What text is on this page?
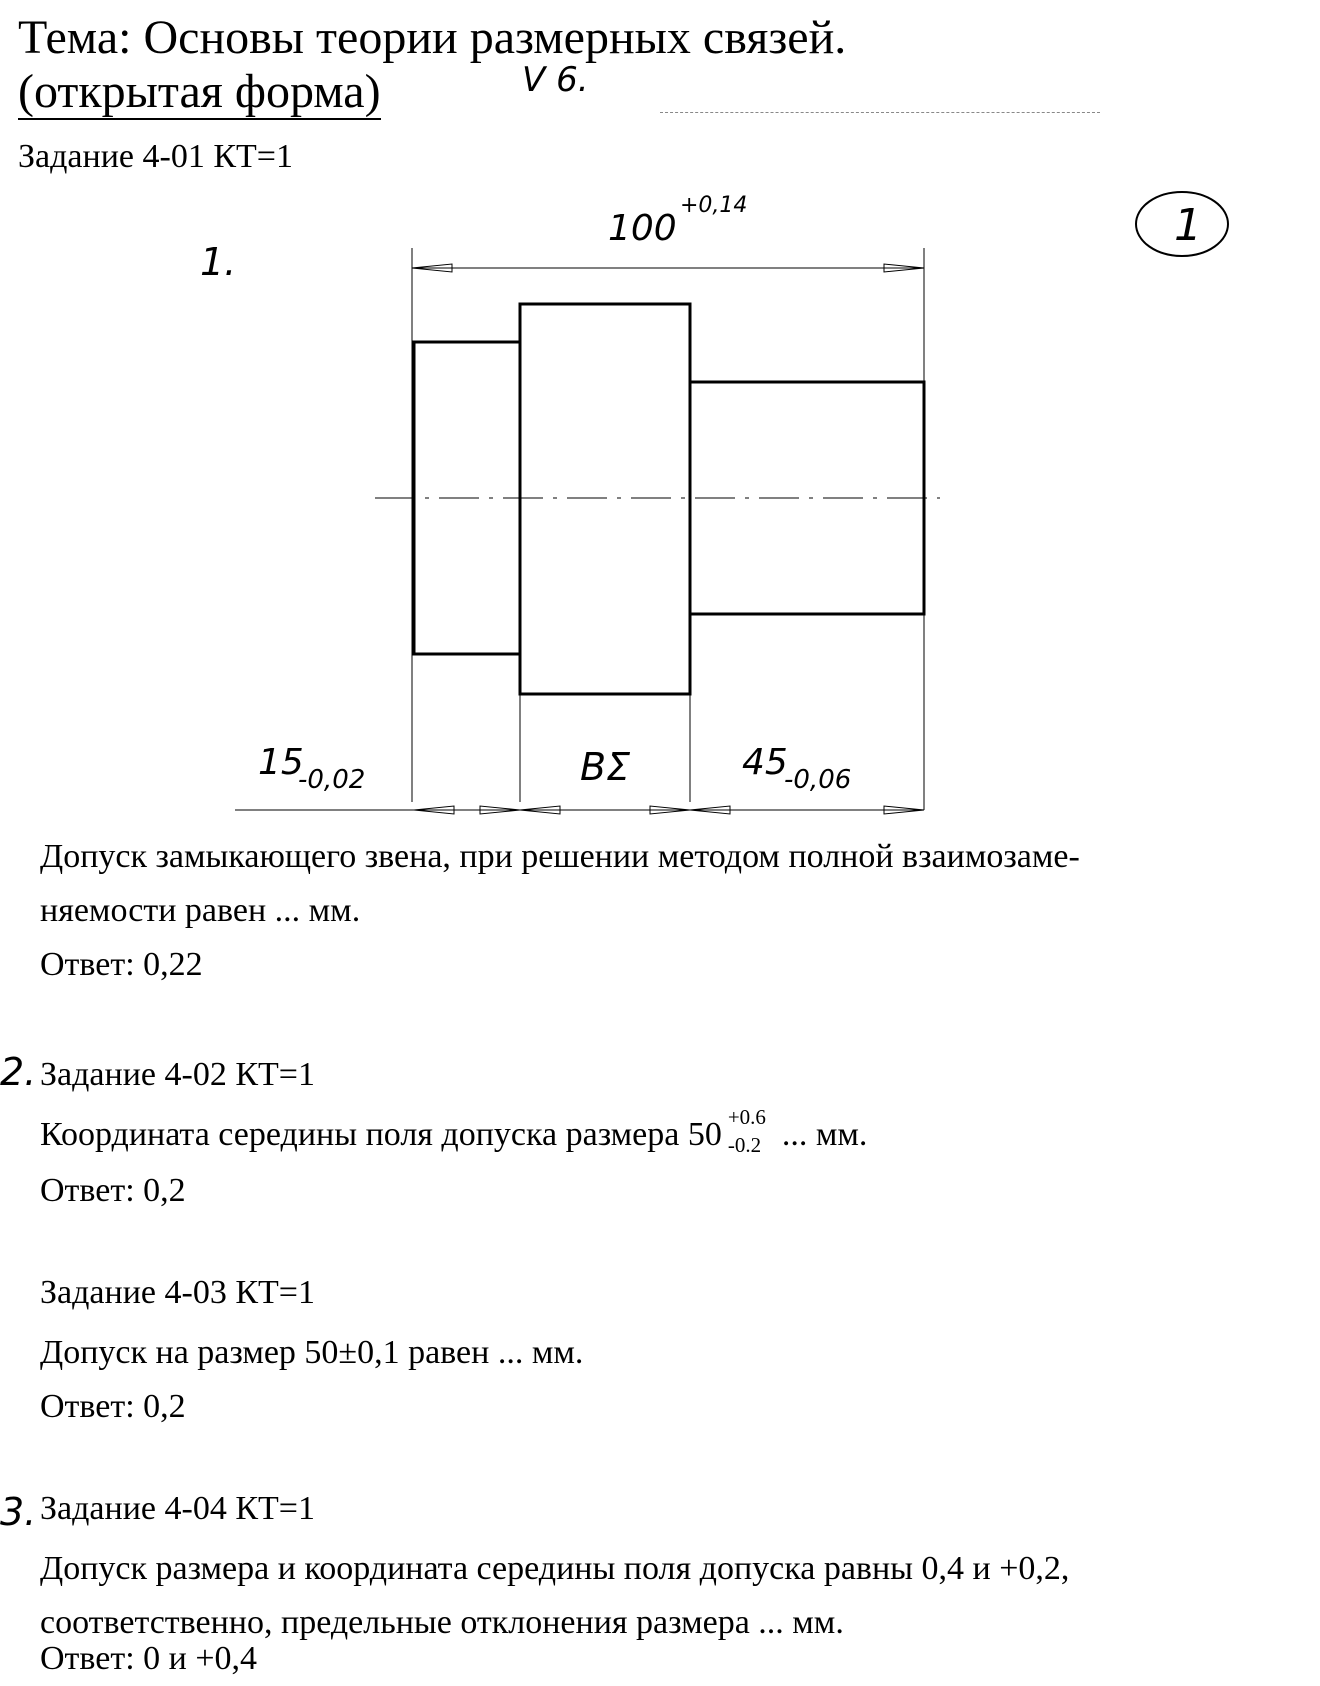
Тема: Основы теории размерных связей.
(открытая форма)	V 6.
Задание 4-01 КТ=1
1.
1
100
+0,14
15
-0,02	BΣ	45
-0,06
Допуск замыкающего звена, при решении методом полной взаимозаме-
няемости равен ... мм.
Ответ: 0,22
2. Задание 4-02 КТ=1
Координата середины поля допуска размера 50 +0.6
-0.2 ... мм.
Ответ: 0,2
Задание 4-03 КТ=1
Допуск на размер 50±0,1 равен ... мм.
Ответ: 0,2
3. Задание 4-04 КТ=1
Допуск размера и координата середины поля допуска равны 0,4 и +0,2,
соответственно, предельные отклонения размера ... мм.
Ответ: 0 и +0,4
